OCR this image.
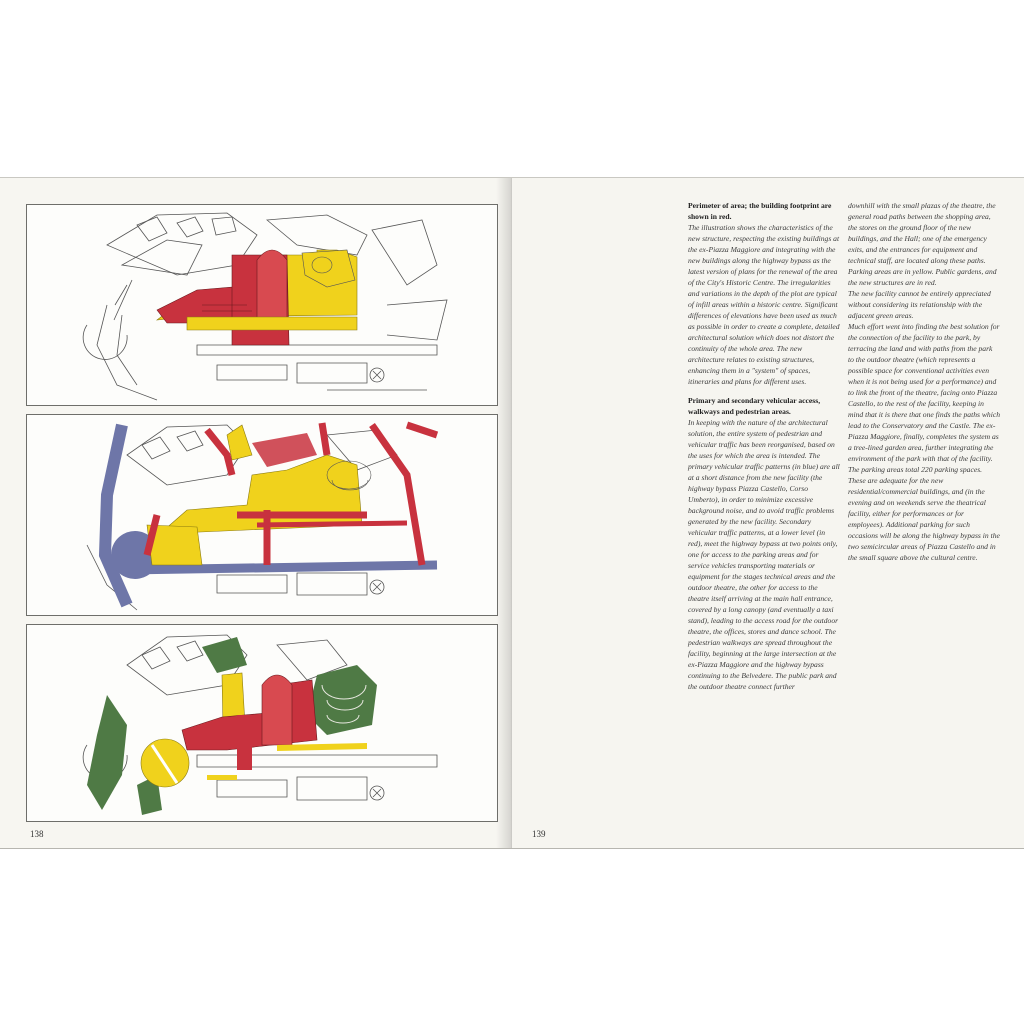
138

Perimeter of area; the building footprint are shown in red.

The illustration shows the characteristics of the new structure, respecting the existing buildings at the ex-Piazza Maggiore and integrating with the new buildings along the highway bypass as the latest version of plans for the renewal of the area of the City's Historic Centre. The irregularities and variations in the depth of the plot are typical of infill areas within a historic centre. Significant differences of elevations have been used as much as possible in order to create a complete, detailed architectural solution which does not distort the continuity of the whole area. The new architecture relates to existing structures, enhancing them in a "system" of spaces, itineraries and plans for different uses.

Primary and secondary vehicular access, walkways and pedestrian areas.

In keeping with the nature of the architectural solution, the entire system of pedestrian and vehicular traffic has been reorganised, based on the uses for which the area is intended. The primary vehicular traffic patterns (in blue) are all at a short distance from the new facility (the highway bypass Piazza Castello, Corso Umberto), in order to minimize excessive background noise, and to avoid traffic problems generated by the new facility. Secondary vehicular traffic patterns, at a lower level (in red), meet the highway bypass at two points only, one for access to the parking areas and for service vehicles transporting materials or equipment for the stages technical areas and the outdoor theatre, the other for access to the theatre itself arriving at the main hall entrance, covered by a long canopy (and eventually a taxi stand), leading to the access road for the outdoor theatre, the offices, stores and dance school. The pedestrian walkways are spread throughout the facility, beginning at the large intersection at the ex-Piazza Maggiore and the highway bypass continuing to the Belvedere. The public park and the outdoor theatre connect further

downhill with the small plazas of the theatre, the general road paths between the shopping area, the stores on the ground floor of the new buildings, and the Hall; one of the emergency exits, and the entrances for equipment and technical staff, are located along these paths.

Parking areas are in yellow. Public gardens, and the new structures are in red.

The new facility cannot be entirely appreciated without considering its relationship with the adjacent green areas.

Much effort went into finding the best solution for the connection of the facility to the park, by terracing the land and with paths from the park to the outdoor theatre (which represents a possible space for conventional activities even when it is not being used for a performance) and to link the front of the theatre, facing onto Piazza Castello, to the rest of the facility, keeping in mind that it is there that one finds the paths which lead to the Conservatory and the Castle. The ex-Piazza Maggiore, finally, completes the system as a tree-lined garden area, further integrating the environment of the park with that of the facility.

The parking areas total 220 parking spaces. These are adequate for the new residential/commercial buildings, and (in the evening and on weekends serve the theatrical facility, either for performances or for employees). Additional parking for such occasions will be along the highway bypass in the two semicircular areas of Piazza Castello and in the small square above the cultural centre.

139
